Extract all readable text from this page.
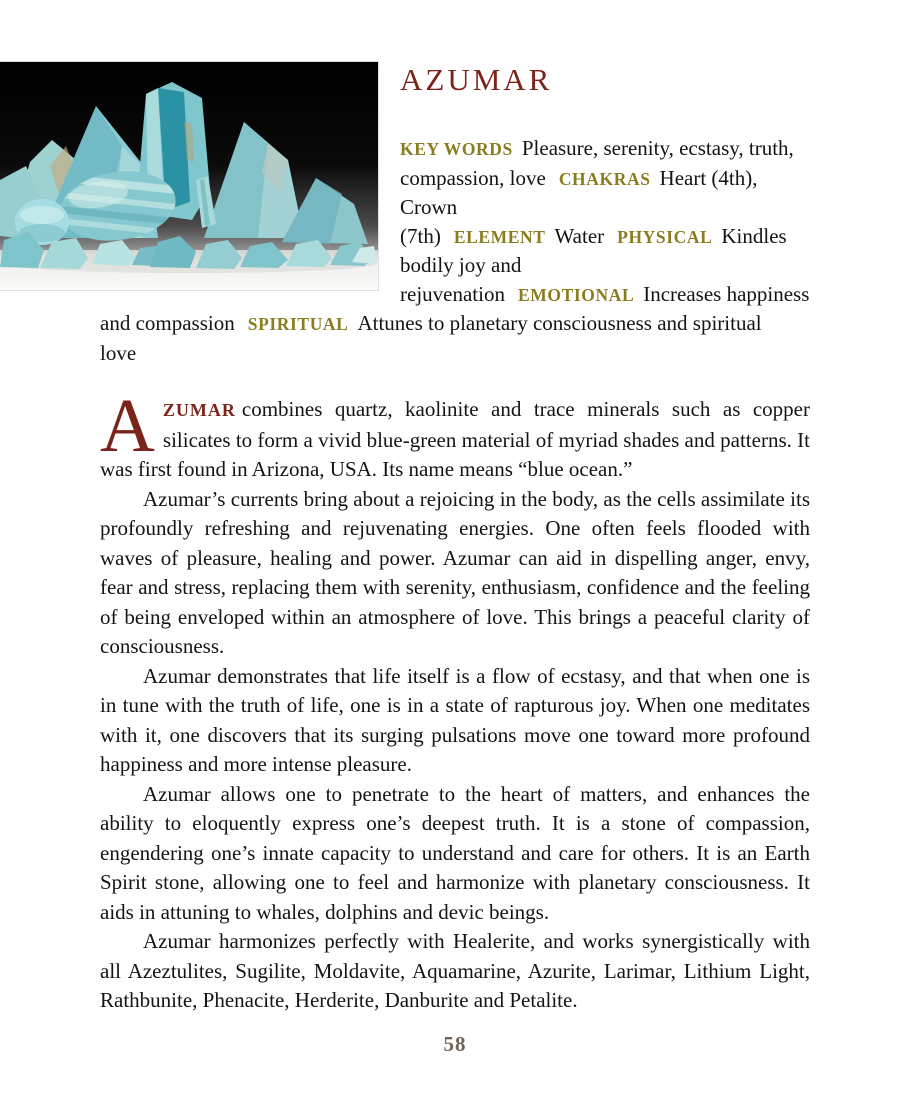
AZUMAR

KEY WORDS Pleasure, serenity, ecstasy, truth, compassion, love CHAKRAS Heart (4th), Crown (7th) ELEMENT Water PHYSICAL Kindles bodily joy and rejuvenation EMOTIONAL Increases happiness and compassion SPIRITUAL Attunes to planetary consciousness and spiritual love

AZUMAR combines quartz, kaolinite and trace minerals such as copper silicates to form a vivid blue-green material of myriad shades and patterns. It was first found in Arizona, USA. Its name means “blue ocean.”

Azumar’s currents bring about a rejoicing in the body, as the cells assimilate its profoundly refreshing and rejuvenating energies. One often feels flooded with waves of pleasure, healing and power. Azumar can aid in dispelling anger, envy, fear and stress, replacing them with serenity, enthusiasm, confidence and the feeling of being enveloped within an atmosphere of love. This brings a peaceful clarity of consciousness.

Azumar demonstrates that life itself is a flow of ecstasy, and that when one is in tune with the truth of life, one is in a state of rapturous joy. When one meditates with it, one discovers that its surging pulsations move one toward more profound happiness and more intense pleasure.

Azumar allows one to penetrate to the heart of matters, and enhances the ability to eloquently express one’s deepest truth. It is a stone of compassion, engendering one’s innate capacity to understand and care for others. It is an Earth Spirit stone, allowing one to feel and harmonize with planetary consciousness. It aids in attuning to whales, dolphins and devic beings.

Azumar harmonizes perfectly with Healerite, and works synergistically with all Azeztulites, Sugilite, Moldavite, Aquamarine, Azurite, Larimar, Lithium Light, Rathbunite, Phenacite, Herderite, Danburite and Petalite.

58
